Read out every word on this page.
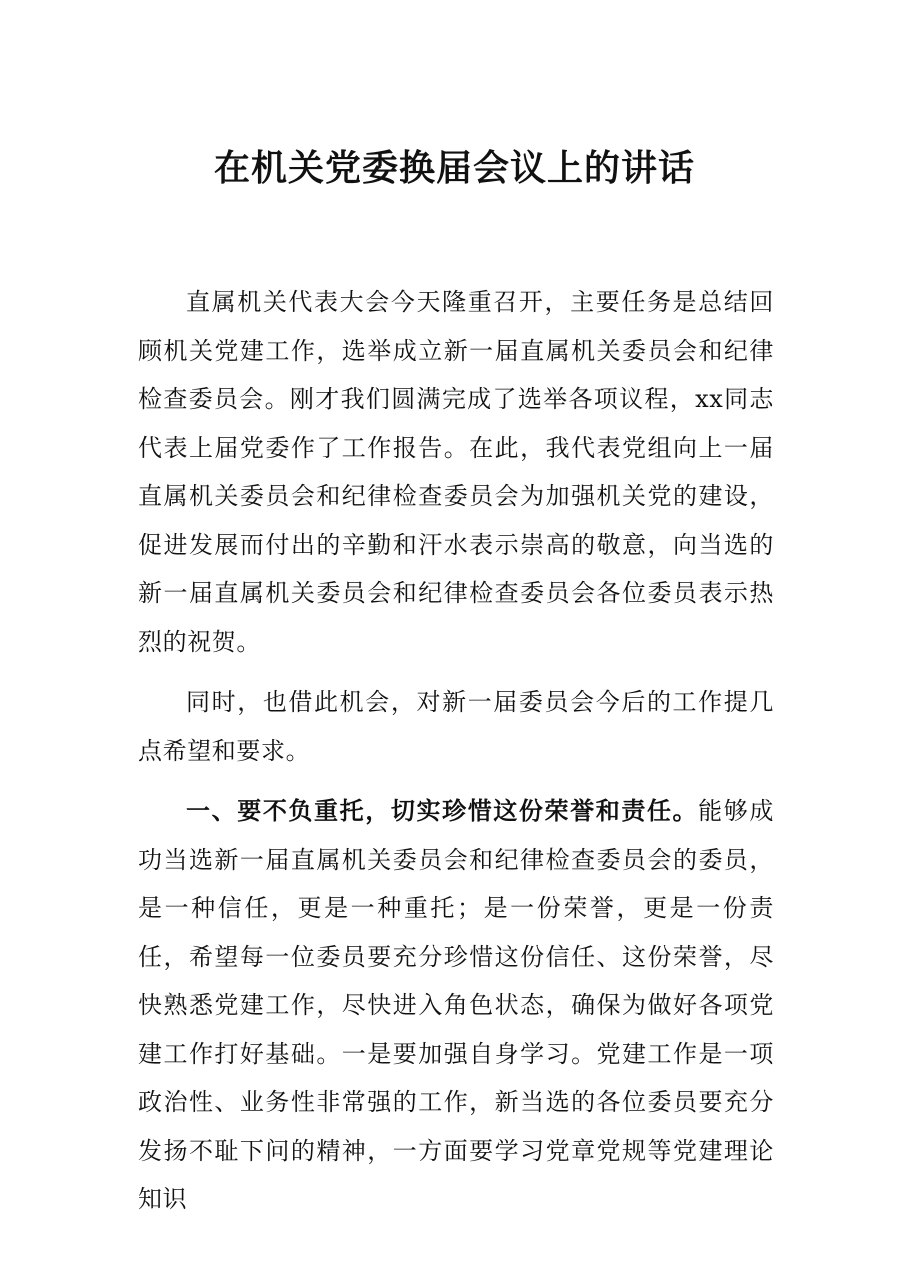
在机关党委换届会议上的讲话

直属机关代表大会今天隆重召开，主要任务是总结回顾机关党建工作，选举成立新一届直属机关委员会和纪律检查委员会。刚才我们圆满完成了选举各项议程，xx同志代表上届党委作了工作报告。在此，我代表党组向上一届直属机关委员会和纪律检查委员会为加强机关党的建设，促进发展而付出的辛勤和汗水表示崇高的敬意，向当选的新一届直属机关委员会和纪律检查委员会各位委员表示热烈的祝贺。

同时，也借此机会，对新一届委员会今后的工作提几点希望和要求。

一、要不负重托，切实珍惜这份荣誉和责任。能够成功当选新一届直属机关委员会和纪律检查委员会的委员，是一种信任，更是一种重托；是一份荣誉，更是一份责任，希望每一位委员要充分珍惜这份信任、这份荣誉，尽快熟悉党建工作，尽快进入角色状态，确保为做好各项党建工作打好基础。一是要加强自身学习。党建工作是一项政治性、业务性非常强的工作，新当选的各位委员要充分发扬不耻下问的精神，一方面要学习党章党规等党建理论知识
